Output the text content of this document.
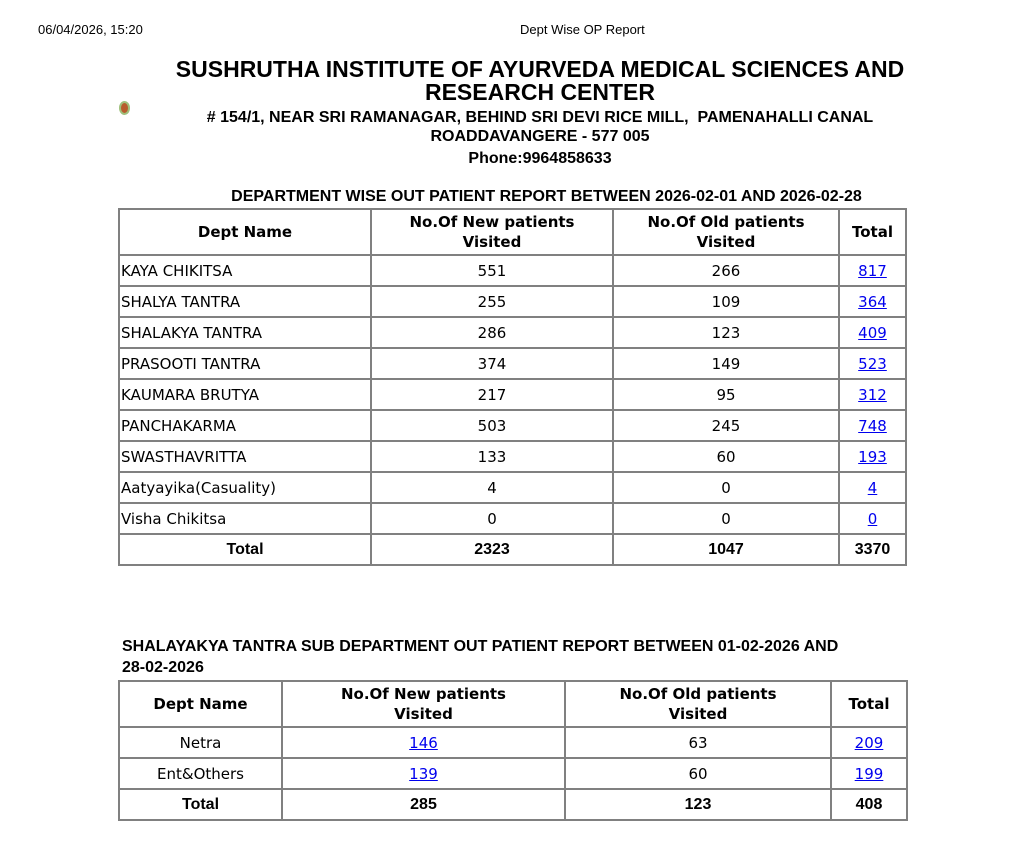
06/04/2026, 15:20	Dept Wise OP Report
SUSHRUTHA INSTITUTE OF AYURVEDA MEDICAL SCIENCES AND
RESEARCH CENTER
# 154/1, NEAR SRI RAMANAGAR, BEHIND SRI DEVI RICE MILL,  PAMENAHALLI CANAL
ROADDAVANGERE - 577 005
Phone:9964858633
DEPARTMENT WISE OUT PATIENT REPORT BETWEEN 2026-02-01 AND 2026-02-28
Dept Name	No.Of New patients Visited	No.Of Old patients Visited	Total
KAYA CHIKITSA	551	266	817
SHALYA TANTRA	255	109	364
SHALAKYA TANTRA	286	123	409
PRASOOTI TANTRA	374	149	523
KAUMARA BRUTYA	217	95	312
PANCHAKARMA	503	245	748
SWASTHAVRITTA	133	60	193
Aatyayika(Casuality)	4	0	4
Visha Chikitsa	0	0	0
Total	2323	1047	3370
SHALAYAKYA TANTRA SUB DEPARTMENT OUT PATIENT REPORT BETWEEN 01-02-2026 AND
28-02-2026
Dept Name	No.Of New patients Visited	No.Of Old patients Visited	Total
Netra	146	63	209
Ent&Others	139	60	199
Total	285	123	408
